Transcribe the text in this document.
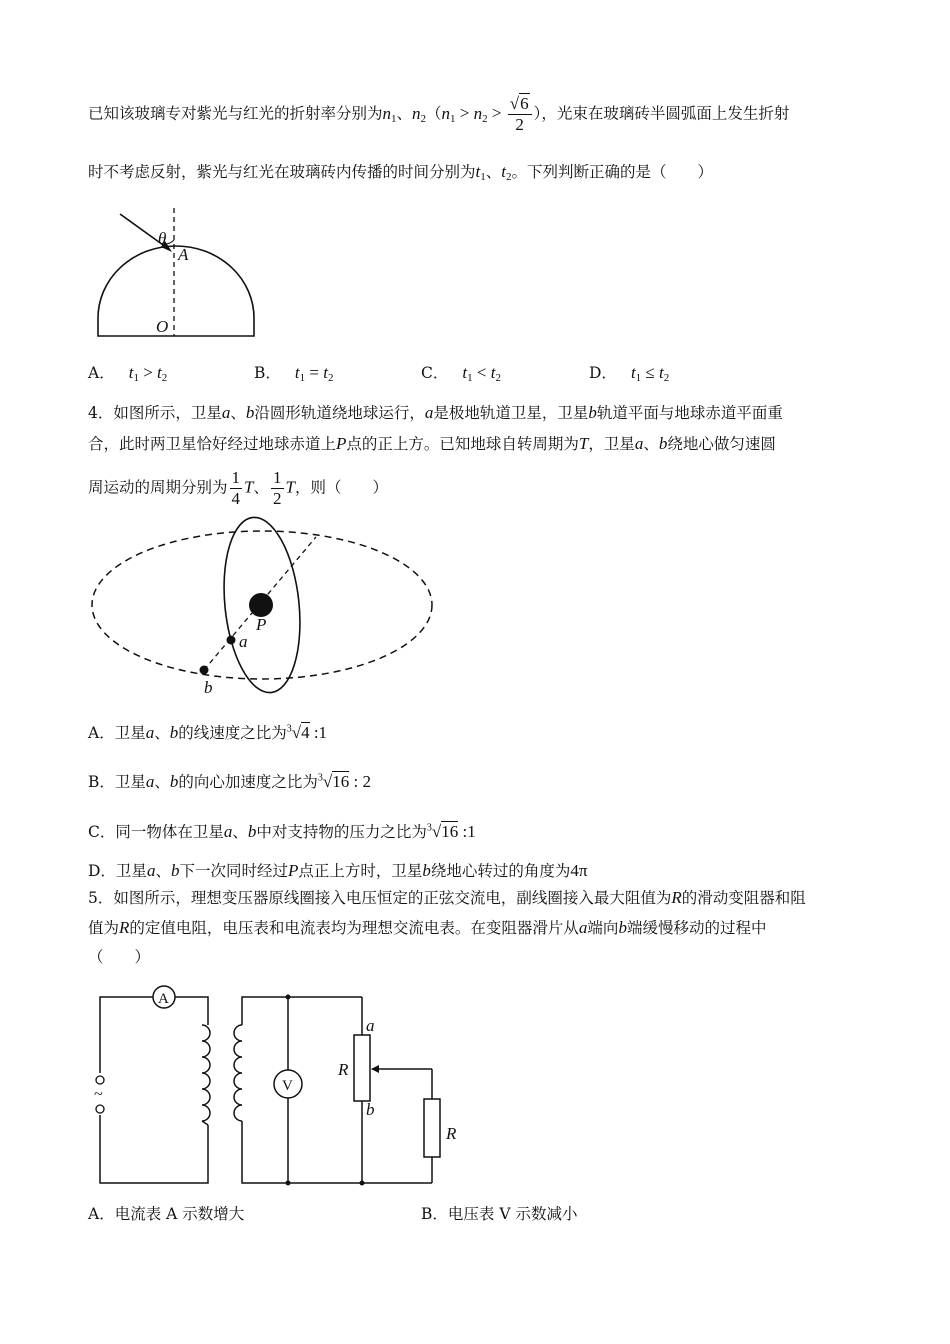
已知该玻璃专对紫光与红光的折射率分别为$n_1$、$n_2(n_1 > n_2 > \frac{√6}{2}$ ），光束在玻璃砖半圆弧面上发生折射
时不考虑反射，紫光与红光在玻璃砖内传播的时间分别为$t_1$、$t_2$。下列判断正确的是（　　）
θ
A
O
A． $t_1 > t_2$	B． $t_1 = t_2$	C． $t_1 < t_2$	D． $t_1 \le t_2$
4．如图所示，卫星a、b沿圆形轨道绕地球运行，a是极地轨道卫星，卫星b轨道平面与地球赤道平面重
合，此时两卫星恰好经过地球赤道上P点的正上方。已知地球自转周期为T，卫星a、b绕地心做匀速圆
周运动的周期分别为 $\frac{1}{4}$ T、 $\frac{1}{2}$ T，则（　　）
P
a
b
A．卫星a、b的线速度之比为$^3$√4 :1
B．卫星a、b的向心加速度之比为$^3$√16 : 2
C．同一物体在卫星a、b中对支持物的压力之比为$^3$√16 :1
D．卫星a、b下一次同时经过P点正上方时，卫星b绕地心转过的角度为4π
5．如图所示，理想变压器原线圈接入电压恒定的正弦交流电，副线圈接入最大阻值为R的滑动变阻器和阻
值为R的定值电阻，电压表和电流表均为理想交流电表。在变阻器滑片从a端向b端缓慢移动的过程中
（　　）
A
~	V
a
b
R
R
A．电流表 A 示数增大	B．电压表 V 示数减小
